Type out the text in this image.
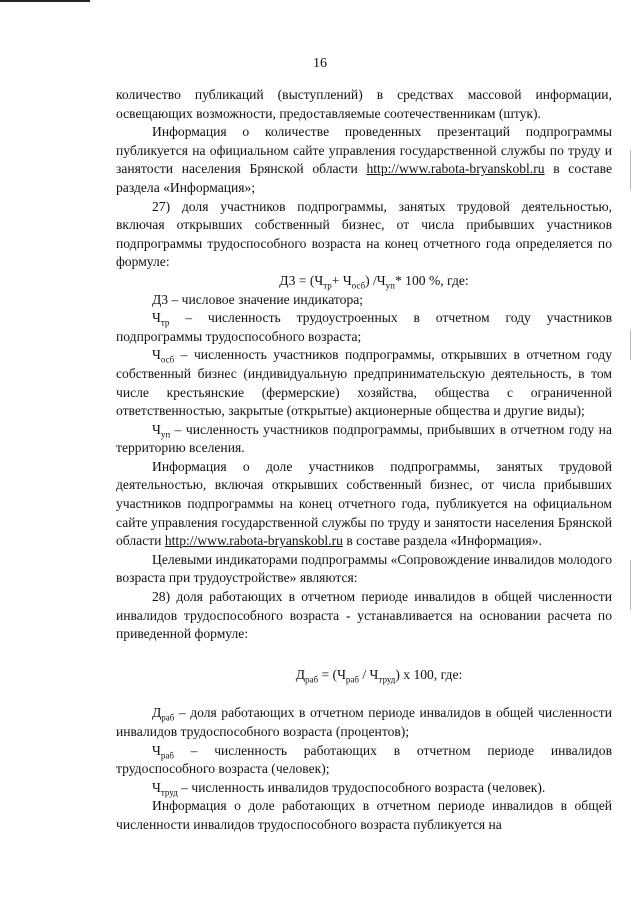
16

количество публикаций (выступлений) в средствах массовой информации, освещающих возможности, предоставляемые соотечественникам (штук).

Информация о количестве проведенных презентаций подпрограммы публикуется на официальном сайте управления государственной службы по труду и занятости населения Брянской области http://www.rabota-bryanskobl.ru в составе раздела «Информация»;

27) доля участников подпрограммы, занятых трудовой деятельностью, включая открывших собственный бизнес, от числа прибывших участников подпрограммы трудоспособного возраста на конец отчетного года определяется по формуле:

$Д3 = (Ч_{тр}+ Ч_{осб})$ $/Ч_{уп}*$ 100 %, где:

Д3 – числовое значение индикатора;

$Ч_{тр}$ – численность трудоустроенных в отчетном году участников подпрограммы трудоспособного возраста;

$Ч_{осб}$ – численность участников подпрограммы, открывших в отчетном году собственный бизнес (индивидуальную предпринимательскую деятельность, в том числе крестьянские (фермерские) хозяйства, общества с ограниченной ответственностью, закрытые (открытые) акционерные общества и другие виды);

$Ч_{уп}$ – численность участников подпрограммы, прибывших в отчетном году на территорию вселения.

Информация о доле участников подпрограммы, занятых трудовой деятельностью, включая открывших собственный бизнес, от числа прибывших участников подпрограммы на конец отчетного года, публикуется на официальном сайте управления государственной службы по труду и занятости населения Брянской области http://www.rabota-bryanskobl.ru в составе раздела «Информация».

Целевыми индикаторами подпрограммы «Сопровождение инвалидов молодого возраста при трудоустройстве» являются:

28) доля работающих в отчетном периоде инвалидов в общей численности инвалидов трудоспособного возраста - устанавливается на основании расчета по приведенной формуле:

$Д_{раб} = (Ч_{раб} / Ч_{труд})$ х 100, где:

$Д_{раб}$ – доля работающих в отчетном периоде инвалидов в общей численности инвалидов трудоспособного возраста (процентов);

$Ч_{раб}$ – численность работающих в отчетном периоде инвалидов трудоспособного возраста (человек);

$Ч_{труд}$ – численность инвалидов трудоспособного возраста (человек).

Информация о доле работающих в отчетном периоде инвалидов в общей численности инвалидов трудоспособного возраста публикуется на
